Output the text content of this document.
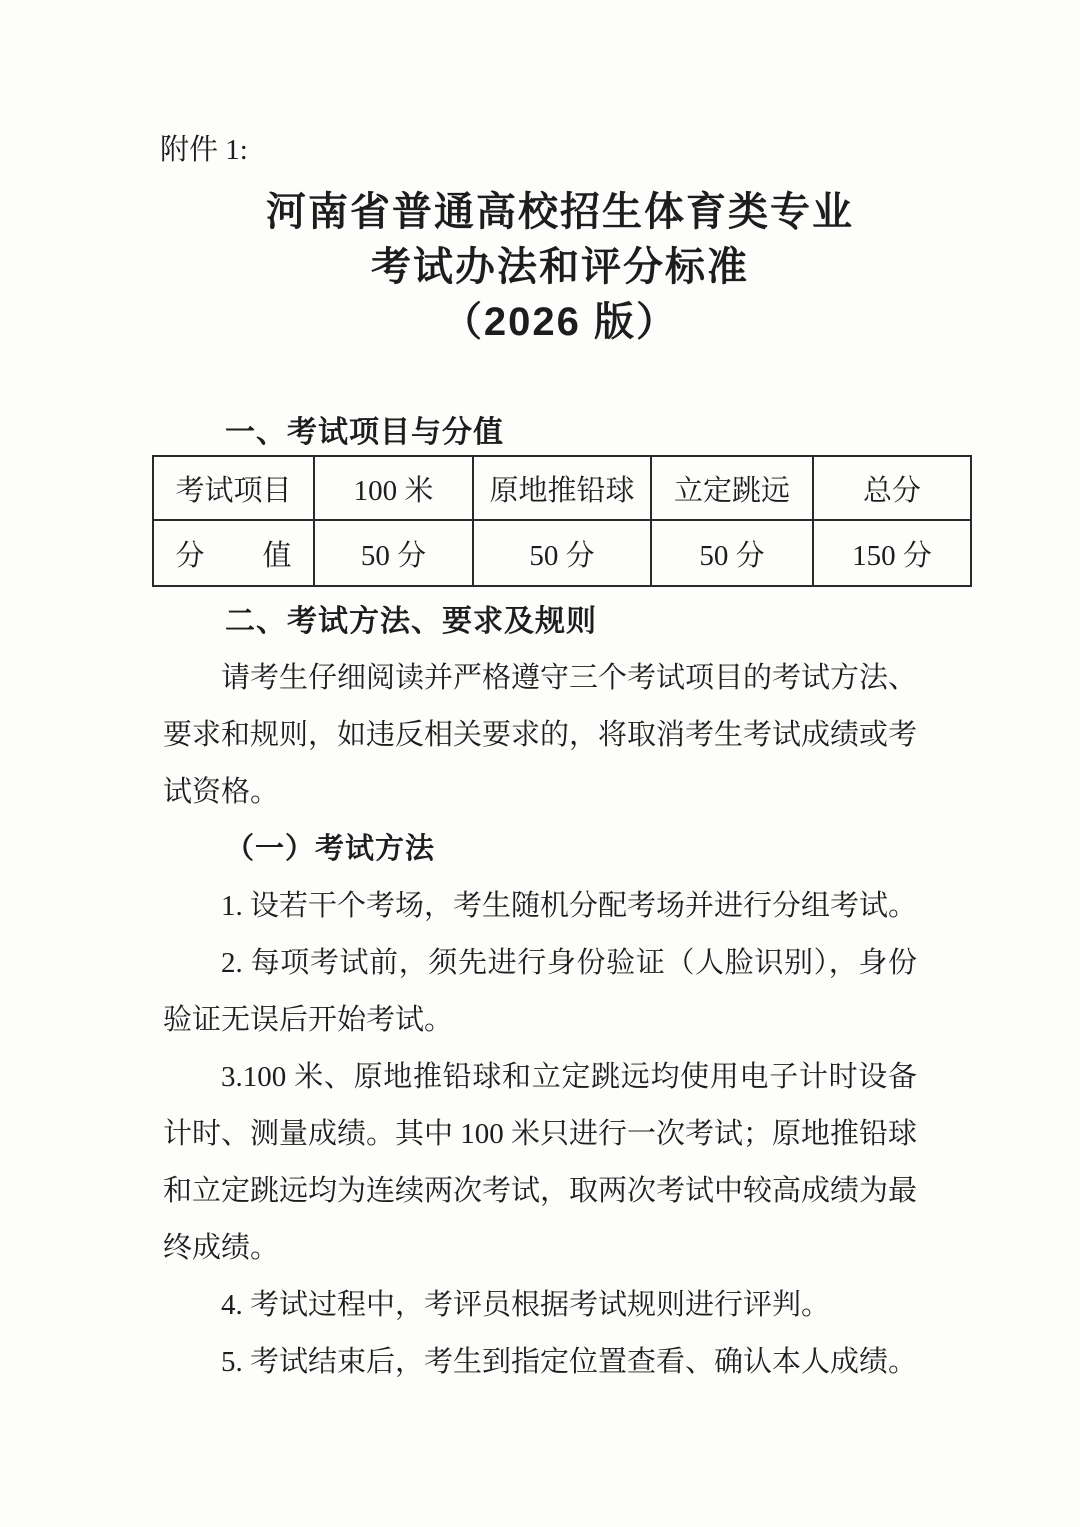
附件 1:
河南省普通高校招生体育类专业
考试办法和评分标准
（2026 版）
一、考试项目与分值
考试项目	100 米	原地推铅球	立定跳远	总分
分　　值	50 分	50 分	50 分	150 分
二、考试方法、要求及规则

请考生仔细阅读并严格遵守三个考试项目的考试方法、要求和规则，如违反相关要求的，将取消考生考试成绩或考试资格。

（一）考试方法

1. 设若干个考场，考生随机分配考场并进行分组考试。

2. 每项考试前，须先进行身份验证（人脸识别），身份验证无误后开始考试。

3.100 米、原地推铅球和立定跳远均使用电子计时设备计时、测量成绩。其中 100 米只进行一次考试；原地推铅球和立定跳远均为连续两次考试，取两次考试中较高成绩为最终成绩。

4. 考试过程中，考评员根据考试规则进行评判。

5. 考试结束后，考生到指定位置查看、确认本人成绩。
